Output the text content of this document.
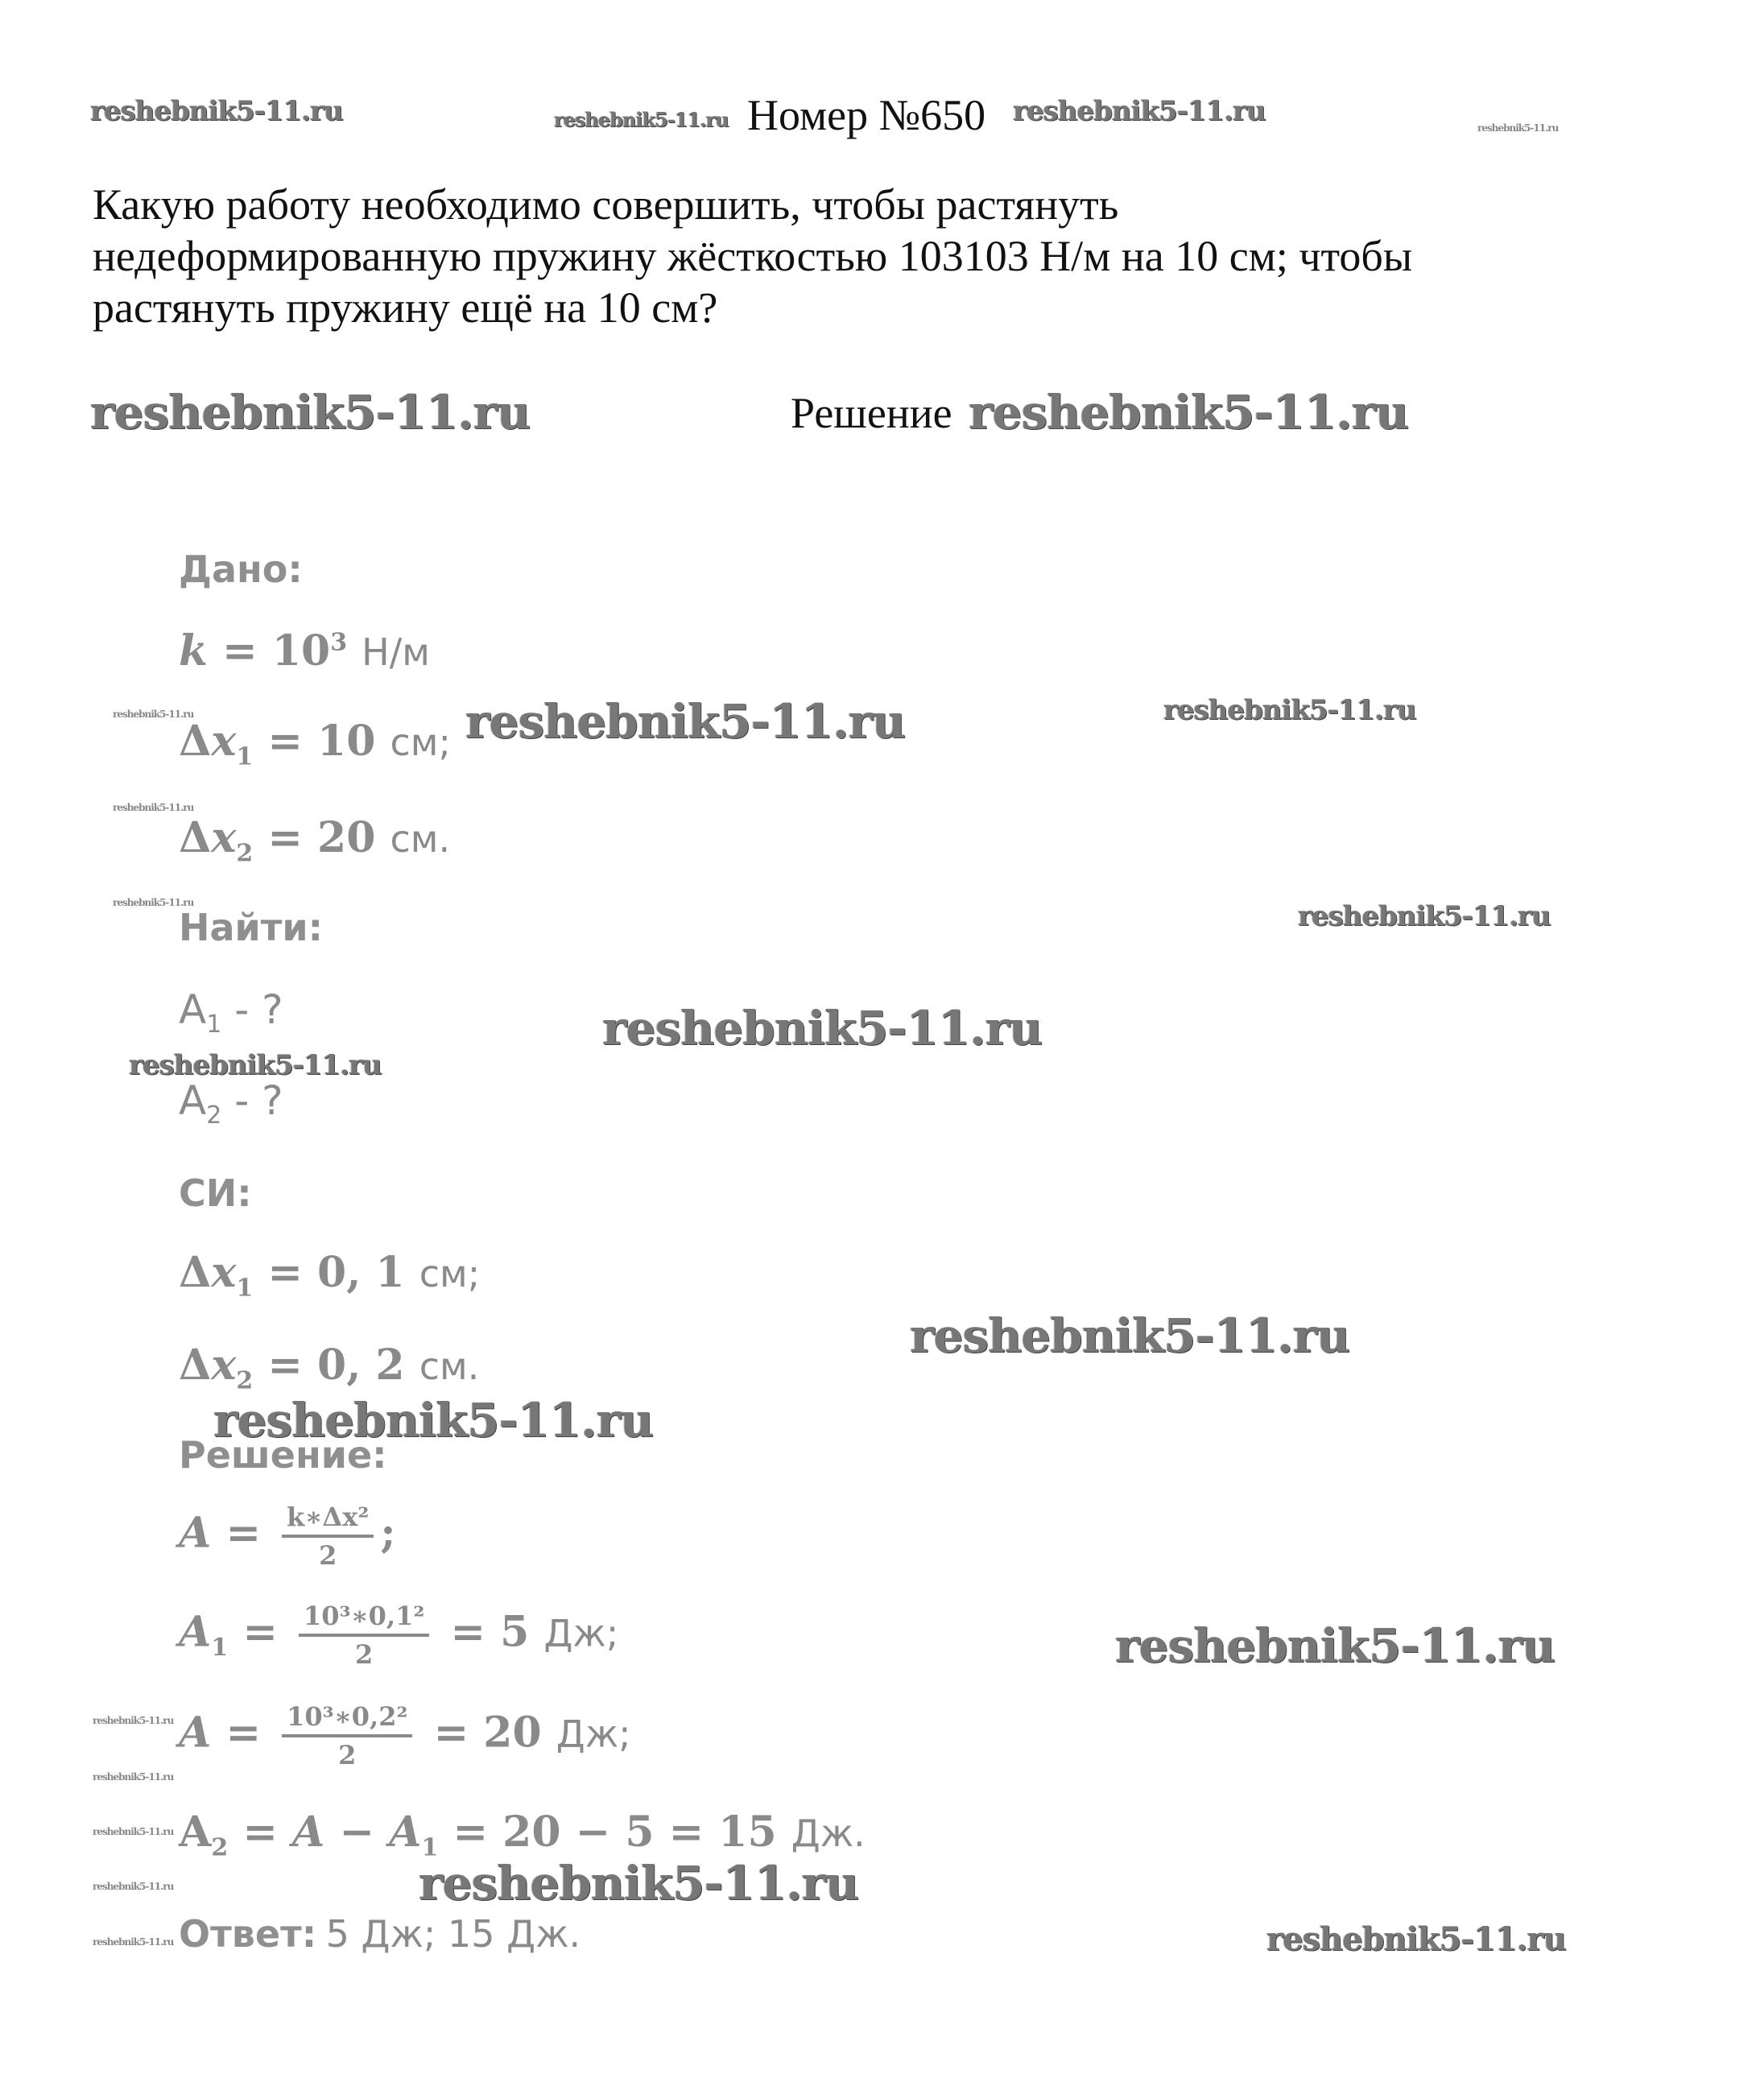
reshebnik5-11.ru	reshebnik5-11.ru Номер №650 reshebnik5-11.ru
reshebnik5-11.ru

Какую работу необходимо совершить, чтобы растянуть

недеформированную пружину жёсткостью 103103 Н/м на 10 см; чтобы

растянуть пружину ещё на 10 см?

reshebnik5-11.ru	Решение reshebnik5-11.ru
Дано:
$k = 10^3$ Н/м
reshebnik5-11.ru
$\Delta x_1 = 10$ см; reshebnik5-11.ru	reshebnik5-11.ru
reshebnik5-11.ru
$\Delta x_2 = 20$ см.
reshebnik5-11.ru
Найти:	reshebnik5-11.ru
$A_1$ - ?	reshebnik5-11.ru
reshebnik5-11.ru
$A_2$ - ?
СИ:
$\Delta x_1 = 0$, 1 см;
reshebnik5-11.ru
$\Delta x_2 = 0$, 2 см.
reshebnik5-11.ru
Решение:
$A = \frac{\text{k∗Δx²}}{2}$ ;
$A_1 = \frac{\text{10³∗0,1²}}{2} = 5$ Дж;	reshebnik5-11.ru
reshebnik5-11.ru $A = \frac{\text{10³∗0,2²}}{2} = 20$ Дж;
reshebnik5-11.ru
reshebnik5-11.ru $A_2 = A - A_1 = 20 - 5 = 15$ Дж.
reshebnik5-11.ru
reshebnik5-11.ru
reshebnik5-11.ru Ответ: 5 Дж; 15 Дж.	reshebnik5-11.ru
